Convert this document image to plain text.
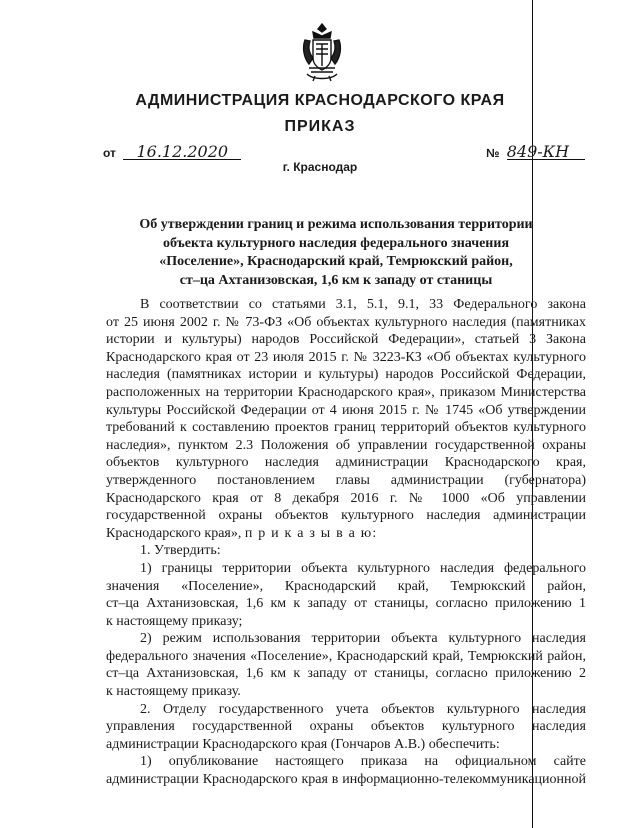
АДМИНИСТРАЦИЯ КРАСНОДАРСКОГО КРАЯ
ПРИКАЗ
от 16.12.2020	№ 849-КН
г. Краснодар
Об утверждении границ и режима использования территории
объекта культурного наследия федерального значения
«Поселение», Краснодарский край, Темрюкский район,
ст–ца Ахтанизовская, 1,6 км к западу от станицы

В соответствии со статьями 3.1, 5.1, 9.1, 33 Федерального закона

от 25 июня 2002 г. № 73-ФЗ «Об объектах культурного наследия (памятниках

истории и культуры) народов Российской Федерации», статьей 3 Закона

Краснодарского края от 23 июля 2015 г. № 3223-КЗ «Об объектах культурного

наследия (памятниках истории и культуры) народов Российской Федерации,

расположенных на территории Краснодарского края», приказом Министерства

культуры Российской Федерации от 4 июня 2015 г. № 1745 «Об утверждении

требований к составлению проектов границ территорий объектов культурного

наследия», пунктом 2.3 Положения об управлении государственной охраны

объектов культурного наследия администрации Краснодарского края,

утвержденного постановлением главы администрации (губернатора)

Краснодарского края от 8 декабря 2016 г. № 1000 «Об управлении

государственной охраны объектов культурного наследия администрации

Краснодарского края», п р и к а з ы в а ю:

1. Утвердить:

1) границы территории объекта культурного наследия федерального

значения «Поселение», Краснодарский край, Темрюкский район,

ст–ца Ахтанизовская, 1,6 км к западу от станицы, согласно приложению 1

к настоящему приказу;

2) режим использования территории объекта культурного наследия

федерального значения «Поселение», Краснодарский край, Темрюкский район,

ст–ца Ахтанизовская, 1,6 км к западу от станицы, согласно приложению 2

к настоящему приказу.

2. Отделу государственного учета объектов культурного наследия

управления государственной охраны объектов культурного наследия

администрации Краснодарского края (Гончаров А.В.) обеспечить:

1) опубликование настоящего приказа на официальном сайте

администрации Краснодарского края в информационно-телекоммуникационной
